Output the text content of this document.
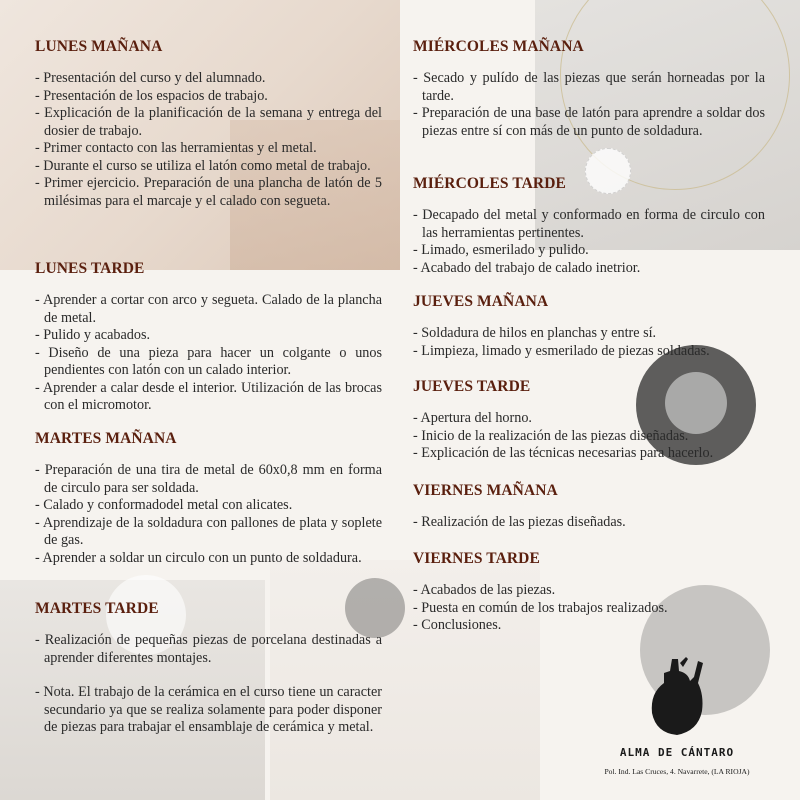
LUNES MAÑANA
- Presentación del curso y del alumnado.
- Presentación de los espacios de trabajo.
- Explicación de la planificación de la semana y entrega del dosier de trabajo.
- Primer contacto con las herramientas y el metal.
- Durante el curso se utiliza el latón como metal de trabajo.
- Primer ejercicio. Preparación de una plancha de latón de 5 milésimas para el marcaje y el calado con segueta.
LUNES TARDE
- Aprender a cortar con arco y segueta. Calado de la plancha de metal.
- Pulido y acabados.
- Diseño de una pieza para hacer un colgante o unos pendientes con latón con un calado interior.
- Aprender a calar desde el interior. Utilización de las brocas con el micromotor.
MARTES MAÑANA
- Preparación de una tira de metal de 60x0,8 mm en forma de circulo para ser soldada.
- Calado y conformadodel metal con alicates.
- Aprendizaje de la soldadura con pallones de plata y soplete de gas.
- Aprender a soldar un circulo con un punto de soldadura.
MARTES TARDE
- Realización de pequeñas piezas de porcelana destinadas a aprender diferentes montajes.
- Nota. El trabajo de la cerámica en el curso tiene un caracter secundario ya que se realiza solamente para poder disponer de piezas para trabajar el ensamblaje de cerámica y metal.
MIÉRCOLES MAÑANA
- Secado y pulído de las piezas que serán horneadas por la tarde.
- Preparación de una base de latón para aprendre a soldar dos piezas entre sí con más de un punto de soldadura.
MIÉRCOLES TARDE
- Decapado del metal y conformado en forma de circulo con las herramientas pertinentes.
- Limado, esmerilado y pulido.
- Acabado del trabajo de calado inetrior.
JUEVES MAÑANA
- Soldadura de hilos en planchas y entre sí.
- Limpieza, limado y esmerilado de piezas soldadas.
JUEVES TARDE
- Apertura del horno.
- Inicio de la realización de las piezas diseñadas.
- Explicación de las técnicas necesarias para hacerlo.
VIERNES MAÑANA
- Realización de las piezas diseñadas.
VIERNES TARDE
- Acabados de las piezas.
- Puesta en común de los trabajos realizados.
- Conclusiones.
ALMA DE CÁNTARO
Pol. Ind. Las Cruces, 4. Navarrete, (LA RIOJA)
